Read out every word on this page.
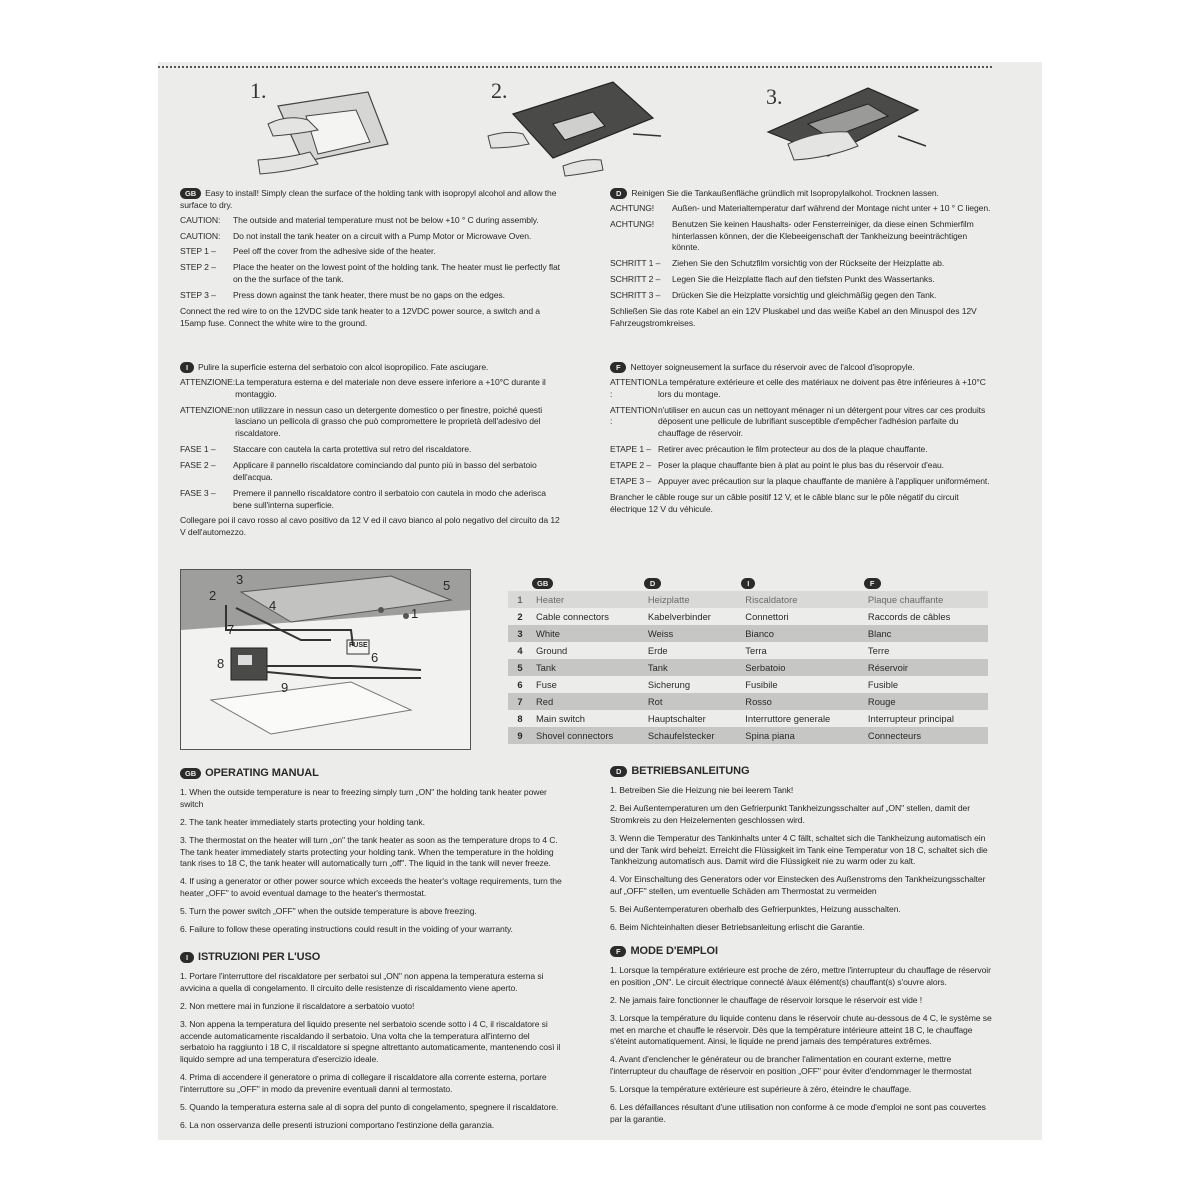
1.	2.	3.

GB Easy to install! Simply clean the surface of the holding tank with isopropyl alcohol and allow the surface to dry.

CAUTION:	The outside and material temperature must not be below +10 ° C during assembly.
CAUTION:	Do not install the tank heater on a circuit with a Pump Motor or Microwave Oven.
STEP 1 –	Peel off the cover from the adhesive side of the heater.
STEP 2 –	Place the heater on the lowest point of the holding tank. The heater must lie perfectly flat on the the surface of the tank.
STEP 3 –	Press down against the tank heater, there must be no gaps on the edges.

Connect the red wire to on the 12VDC side tank heater to a 12VDC power source, a switch and a 15amp fuse. Connect the white wire to the ground.

D Reinigen Sie die Tankaußenfläche gründlich mit Isopropylalkohol. Trocknen lassen.

ACHTUNG!	Außen- und Materialtemperatur darf während der Montage nicht unter + 10 ° C liegen.
ACHTUNG!	Benutzen Sie keinen Haushalts- oder Fensterreiniger, da diese einen Schmierfilm hinterlassen können, der die Klebeeigenschaft der Tankheizung beeinträchtigen könnte.
SCHRITT 1 –	Ziehen Sie den Schutzfilm vorsichtig von der Rückseite der Heizplatte ab.
SCHRITT 2 –	Legen Sie die Heizplatte flach auf den tiefsten Punkt des Wassertanks.
SCHRITT 3 –	Drücken Sie die Heizplatte vorsichtig und gleichmäßig gegen den Tank.

Schließen Sie das rote Kabel an ein 12V Pluskabel und das weiße Kabel an den Minuspol des 12V Fahrzeugstromkreises.

I Pulire la superficie esterna del serbatoio con alcol isopropilico. Fate asciugare.

ATTENZIONE: La temperatura esterna e del materiale non deve essere inferiore a +10°C durante il montaggio.
ATTENZIONE: non utilizzare in nessun caso un detergente domestico o per finestre, poiché questi lasciano un pellicola di grasso che può compromettere le proprietà dell'adesivo del riscaldatore.
FASE 1 –	Staccare con cautela la carta protettiva sul retro del riscaldatore.
FASE 2 –	Applicare il pannello riscaldatore cominciando dal punto più in basso del serbatoio dell'acqua.
FASE 3 –	Premere il pannello riscaldatore contro il serbatoio con cautela in modo che aderisca bene sull'interna superficie.

Collegare poi il cavo rosso al cavo positivo da 12 V ed il cavo bianco al polo negativo del circuito da 12 V dell'automezzo.

F Nettoyer soigneusement la surface du réservoir avec de l'alcool d'isopropyle.

ATTENTION :
La température extérieure et celle des matériaux ne doivent pas être inférieures à +10°C lors du montage.
ATTENTION :
n'utiliser en aucun cas un nettoyant ménager ni un détergent pour vitres car ces produits déposent une pellicule de lubrifiant susceptible d'empêcher l'adhésion parfaite du chauffage de réservoir.
ETAPE 1 – Retirer avec précaution le film protecteur au dos de la plaque chauffante.
ETAPE 2 – Poser la plaque chauffante bien à plat au point le plus bas du réservoir d'eau.
ETAPE 3 – Appuyer avec précaution sur la plaque chauffante de manière à l'appliquer uniformément.

Brancher le câble rouge sur un câble positif 12 V, et le câble blanc sur le pôle négatif du circuit électrique 12 V du véhicule.

1
2
3
4
5
6
7
8
9
FUSE
	GB	D	I	F
1	Heater	Heizplatte	Riscaldatore	Plaque chauffante
2	Cable connectors	Kabelverbinder	Connettori	Raccords de câbles
3	White	Weiss	Bianco	Blanc
4	Ground	Erde	Terra	Terre
5	Tank	Tank	Serbatoio	Réservoir
6	Fuse	Sicherung	Fusibile	Fusible
7	Red	Rot	Rosso	Rouge
8	Main switch	Hauptschalter	Interruttore generale	Interrupteur principal
9	Shovel connectors	Schaufelstecker	Spina piana	Connecteurs

GB OPERATING MANUAL

1. When the outside temperature is near to freezing simply turn „ON" the holding tank heater power switch

2. The tank heater immediately starts protecting your holding tank.

3. The thermostat on the heater will turn „on" the tank heater as soon as the temperature drops to 4 C. The tank heater immediately starts protecting your holding tank. When the temperature in the holding tank rises to 18 C, the tank heater will automatically turn „off". The liquid in the tank will never freeze.

4. If using a generator or other power source which exceeds the heater's voltage requirements, turn the heater „OFF" to avoid eventual damage to the heater's thermostat.

5. Turn the power switch „OFF" when the outside temperature is above freezing.

6. Failure to follow these operating instructions could result in the voiding of your warranty.

D BETRIEBSANLEITUNG

1. Betreiben Sie die Heizung nie bei leerem Tank!

2. Bei Außentemperaturen um den Gefrierpunkt Tankheizungsschalter auf „ON" stellen, damit der Stromkreis zu den Heizelementen geschlossen wird.

3. Wenn die Temperatur des Tankinhalts unter 4 C fällt, schaltet sich die Tankheizung automatisch ein und der Tank wird beheizt. Erreicht die Flüssigkeit im Tank eine Temperatur von 18 C, schaltet sich die Tankheizung automatisch aus. Damit wird die Flüssigkeit nie zu warm oder zu kalt.

4. Vor Einschaltung des Generators oder vor Einstecken des Außenstroms den Tankheizungsschalter auf „OFF" stellen, um eventuelle Schäden am Thermostat zu vermeiden

5. Bei Außentemperaturen oberhalb des Gefrierpunktes, Heizung ausschalten.

6. Beim Nichteinhalten dieser Betriebsanleitung erlischt die Garantie.

I ISTRUZIONI PER L'USO

1. Portare l'interruttore del riscaldatore per serbatoi sul „ON" non appena la temperatura esterna si avvicina a quella di congelamento. Il circuito delle resistenze di riscaldamento viene aperto.

2. Non mettere mai in funzione il riscaldatore a serbatoio vuoto!

3. Non appena la temperatura del liquido presente nel serbatoio scende sotto i 4 C, il riscaldatore si accende automaticamente riscaldando il serbatoio. Una volta che la temperatura all'interno del serbatoio ha raggiunto i 18 C, il riscaldatore si spegne altrettanto automaticamente, mantenendo così il liquido sempre ad una temperatura d'esercizio ideale.

4. Prima di accendere il generatore o prima di collegare il riscaldatore alla corrente esterna, portare l'interruttore su „OFF" in modo da prevenire eventuali danni al termostato.

5. Quando la temperatura esterna sale al di sopra del punto di congelamento, spegnere il riscaldatore.

6. La non osservanza delle presenti istruzioni comportano l'estinzione della garanzia.

F MODE D'EMPLOI

1. Lorsque la température extérieure est proche de zéro, mettre l'interrupteur du chauffage de réservoir en position „ON". Le circuit électrique connecté à/aux élément(s) chauffant(s) s'ouvre alors.

2. Ne jamais faire fonctionner le chauffage de réservoir lorsque le réservoir est vide !

3. Lorsque la température du liquide contenu dans le réservoir chute au-dessous de 4 C, le système se met en marche et chauffe le réservoir. Dès que la température intérieure atteint 18 C, le chauffage s'éteint automatiquement. Ainsi, le liquide ne prend jamais des températures extrêmes.

4. Avant d'enclencher le générateur ou de brancher l'alimentation en courant externe, mettre l'interrupteur du chauffage de réservoir en position „OFF" pour éviter d'endommager le thermostat

5. Lorsque la température extérieure est supérieure à zéro, éteindre le chauffage.

6. Les défaillances résultant d'une utilisation non conforme à ce mode d'emploi ne sont pas couvertes par la garantie.
